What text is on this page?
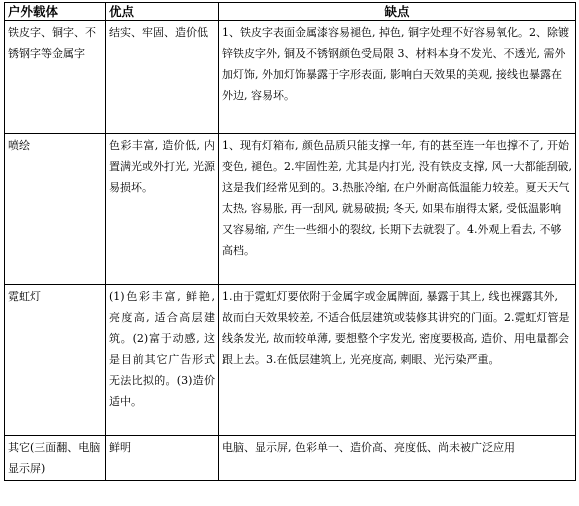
户外载体	优点	缺点
铁皮字、铜字、不锈钢字等金属字	结实、牢固、造价低	1、铁皮字表面金属漆容易褪色, 掉色, 铜字处理不好容易氧化。2、除镀锌铁皮字外, 铜及不锈钢颜色受局限 3、材料本身不发光、不透光, 需外加灯饰, 外加灯饰暴露于字形表面, 影响白天效果的美观, 接线也暴露在外边, 容易坏。
喷绘	色彩丰富, 造价低, 内置满光或外打光, 光源易损坏。	1、现有灯箱布, 颜色品质只能支撑一年, 有的甚至连一年也撑不了, 开始变色, 褪色。2.牢固性差, 尤其是内打光, 没有铁皮支撑, 风一大都能刮破, 这是我们经常见到的。3.热胀冷缩, 在户外耐高低温能力较差。夏天天气太热, 容易胀, 再一刮风, 就易破损; 冬天, 如果布崩得太紧, 受低温影响又容易缩, 产生一些细小的裂纹, 长期下去就裂了。4.外观上看去, 不够高档。
霓虹灯	(1)色彩丰富, 鲜艳, 亮度高, 适合高层建筑。(2)富于动感, 这是目前其它广告形式无法比拟的。(3)造价适中。	1.由于霓虹灯要依附于金属字或金属牌面, 暴露于其上, 线也裸露其外, 故而白天效果较差, 不适合低层建筑或装修其讲究的门面。2.霓虹灯管是线条发光, 故而较单薄, 要想整个字发光, 密度要极高, 造价、用电量都会跟上去。3.在低层建筑上, 光亮度高, 刺眼、光污染严重。
其它(三面翻、电脑显示屏)	鲜明	电脑、显示屏, 色彩单一、造价高、亮度低、尚未被广泛应用
